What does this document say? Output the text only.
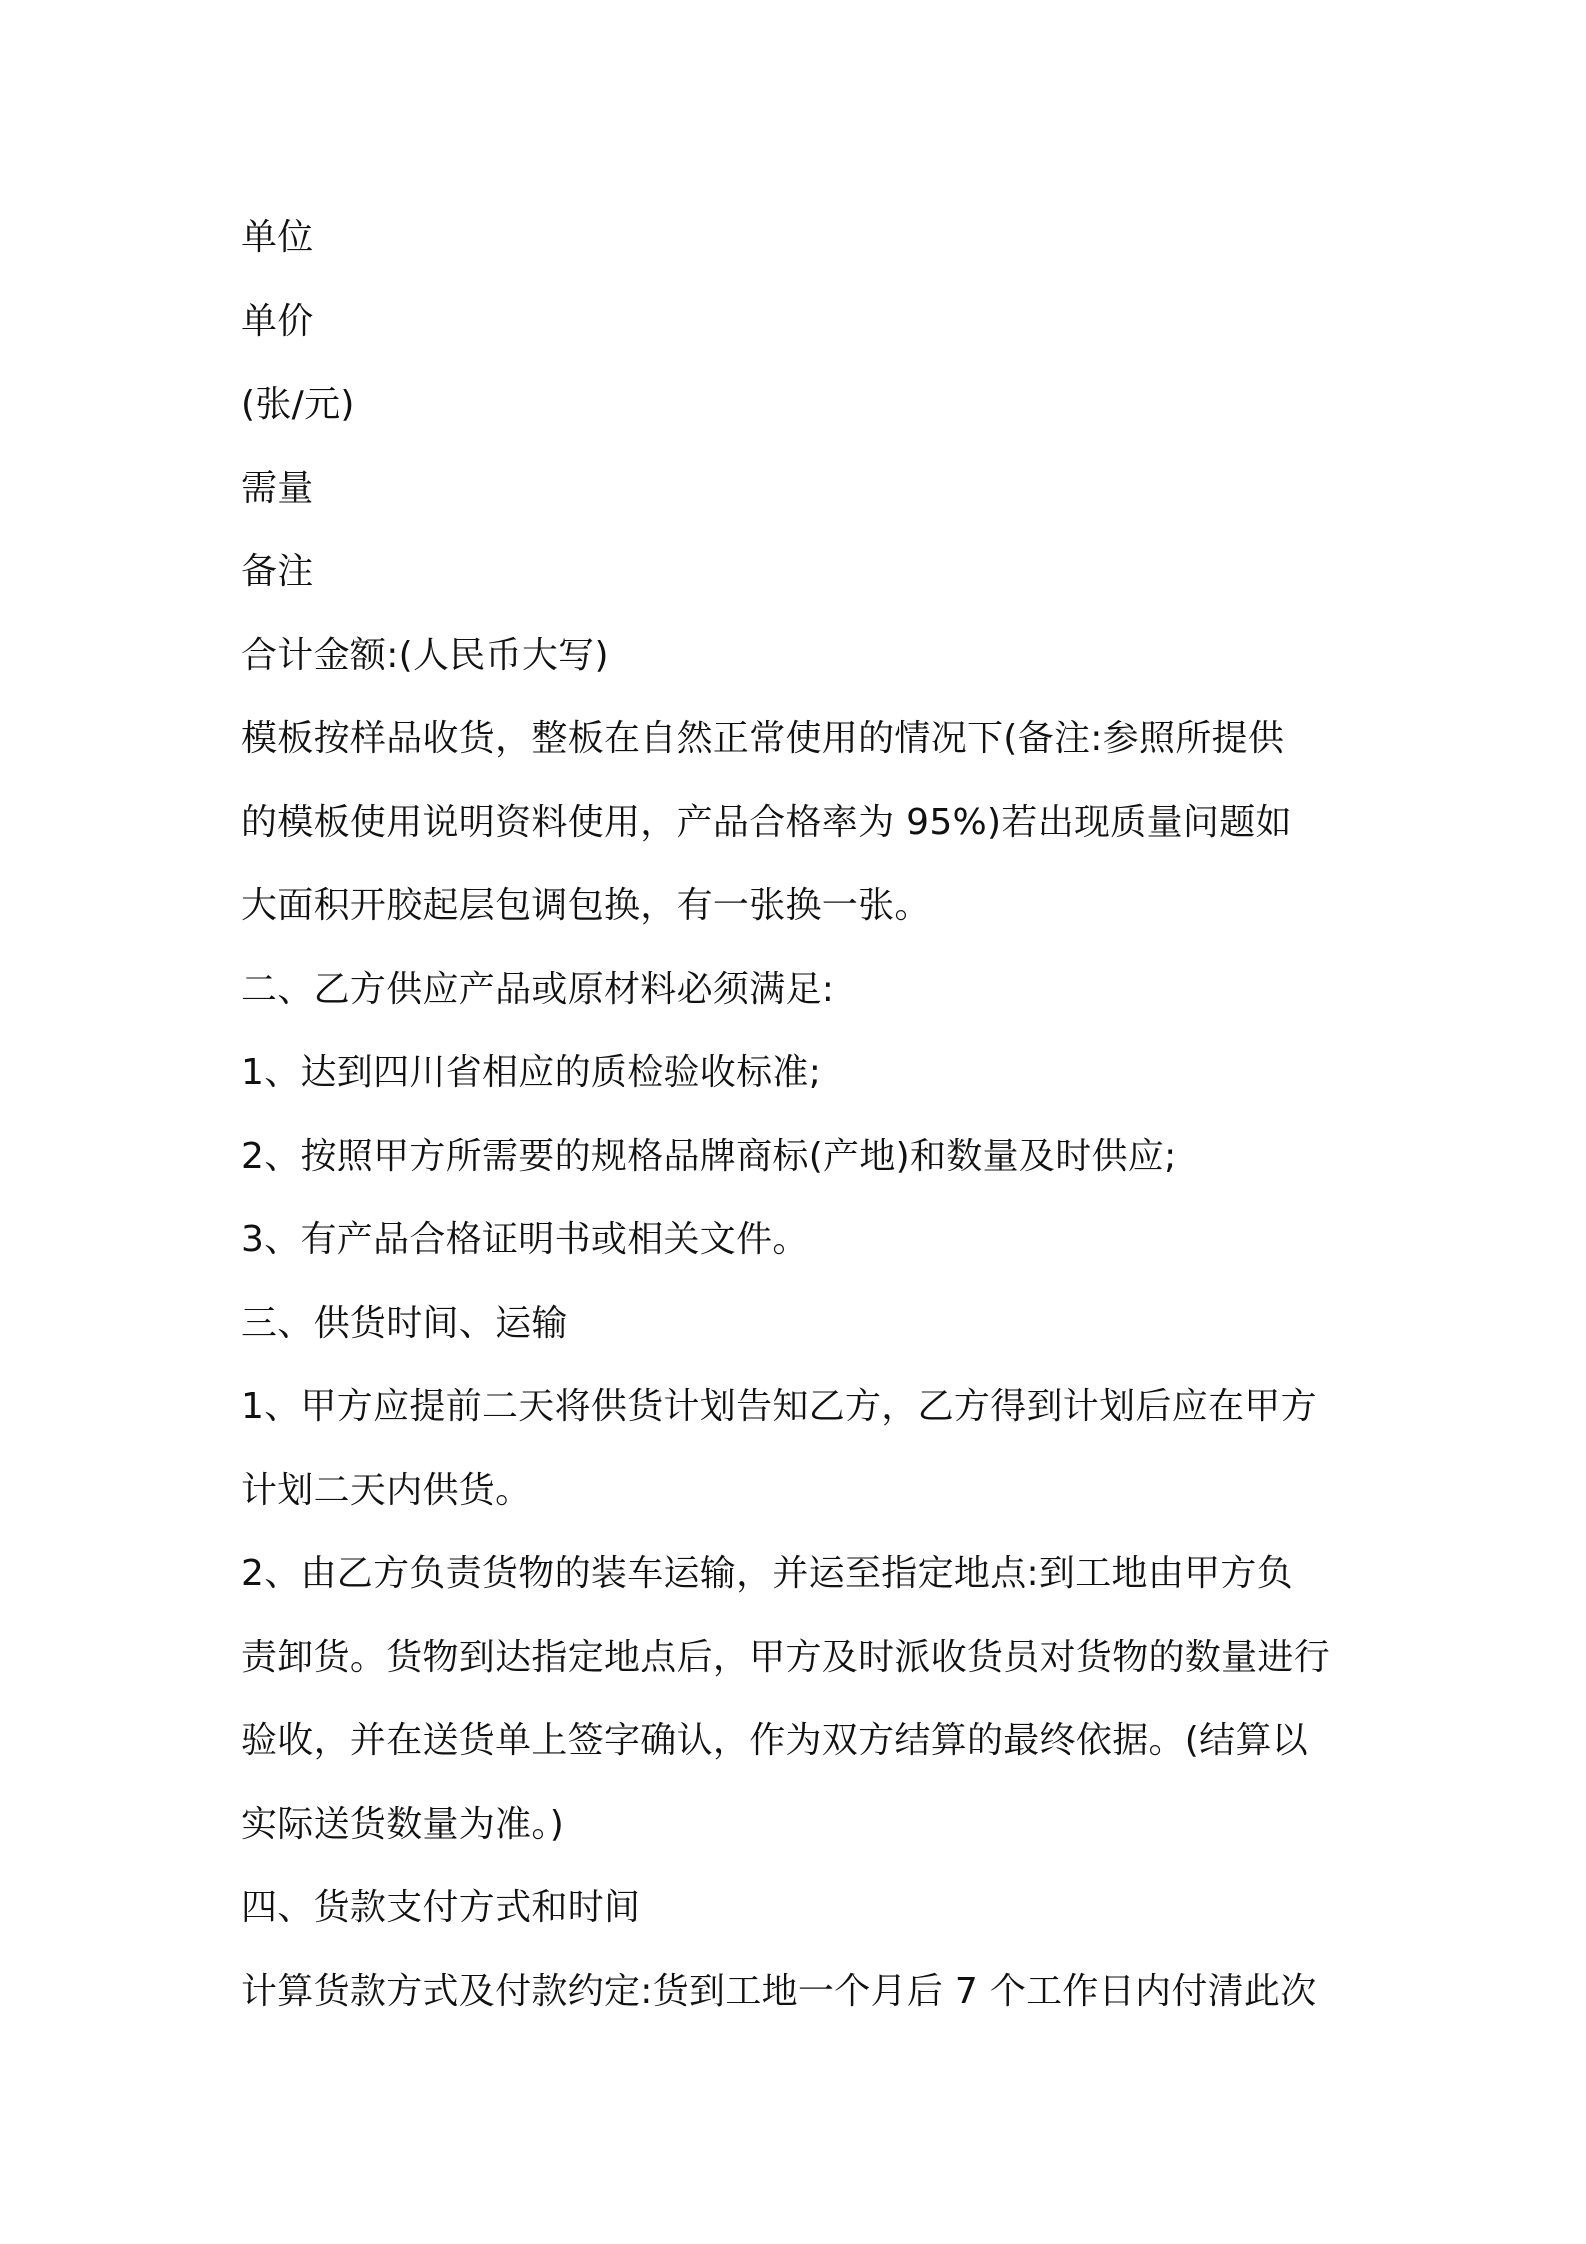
单位
单价
(张/元)
需量
备注
合计金额:(人民币大写)
模板按样品收货，整板在自然正常使用的情况下(备注:参照所提供
的模板使用说明资料使用，产品合格率为 95%)若出现质量问题如
大面积开胶起层包调包换，有一张换一张。
二、乙方供应产品或原材料必须满足:
1、达到四川省相应的质检验收标准;
2、按照甲方所需要的规格品牌商标(产地)和数量及时供应;
3、有产品合格证明书或相关文件。
三、供货时间、运输
1、甲方应提前二天将供货计划告知乙方，乙方得到计划后应在甲方
计划二天内供货。
2、由乙方负责货物的装车运输，并运至指定地点:到工地由甲方负
责卸货。货物到达指定地点后，甲方及时派收货员对货物的数量进行
验收，并在送货单上签字确认，作为双方结算的最终依据。(结算以
实际送货数量为准。)
四、货款支付方式和时间
计算货款方式及付款约定:货到工地一个月后 7 个工作日内付清此次
